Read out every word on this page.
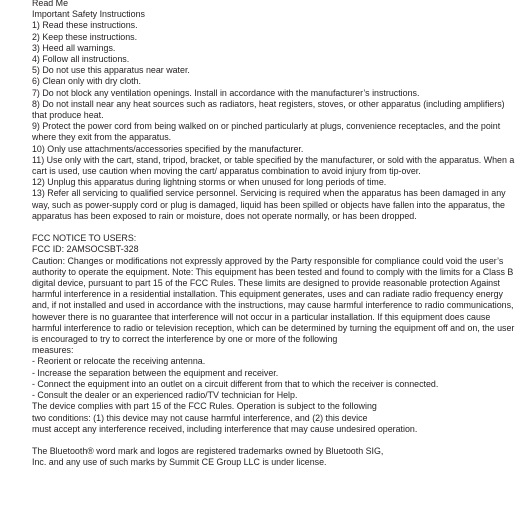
Read Me
Important Safety Instructions
1) Read these instructions.
2) Keep these instructions.
3) Heed all warnings.
4) Follow all instructions.
5) Do not use this apparatus near water.
6) Clean only with dry cloth.
7) Do not block any ventilation openings. Install in accordance with the manufacturer’s instructions.
8) Do not install near any heat sources such as radiators, heat registers, stoves, or other apparatus (including amplifiers) that produce heat.
9) Protect the power cord from being walked on or pinched particularly at plugs, convenience receptacles, and the point where they exit from the apparatus.
10) Only use attachments/accessories specified by the manufacturer.
11) Use only with the cart, stand, tripod, bracket, or table specified by the manufacturer, or sold with the apparatus. When a cart is used, use caution when moving the cart/ apparatus combination to avoid injury from tip-over.
12) Unplug this apparatus during lightning storms or when unused for long periods of time.
13) Refer all servicing to qualified service personnel. Servicing is required when the apparatus has been damaged in any way, such as power-supply cord or plug is damaged, liquid has been spilled or objects have fallen into the apparatus, the apparatus has been exposed to rain or moisture, does not operate normally, or has been dropped.
FCC NOTICE TO USERS:
FCC ID: 2AMSOCSBT-328
Caution: Changes or modifications not expressly approved by the Party responsible for compliance could void the user’s authority to operate the equipment. Note: This equipment has been tested and found to comply with the limits for a Class B digital device, pursuant to part 15 of the FCC Rules. These limits are designed to provide reasonable protection Against harmful interference in a residential installation. This equipment generates, uses and can radiate radio frequency energy and, if not installed and used in accordance with the instructions, may cause harmful interference to radio communications, however there is no guarantee that interference will not occur in a particular installation. If this equipment does cause harmful interference to radio or television reception, which can be determined by turning the equipment off and on, the user is encouraged to try to correct the interference by one or more of the following
measures:
- Reorient or relocate the receiving antenna.
- Increase the separation between the equipment and receiver.
- Connect the equipment into an outlet on a circuit different from that to which the receiver is connected.
- Consult the dealer or an experienced radio/TV technician for Help.
The device complies with part 15 of the FCC Rules. Operation is subject to the following
two conditions: (1) this device may not cause harmful interference, and (2) this device
must accept any interference received, including interference that may cause undesired operation.
The Bluetooth® word mark and logos are registered trademarks owned by Bluetooth SIG,
Inc. and any use of such marks by Summit CE Group LLC is under license.
